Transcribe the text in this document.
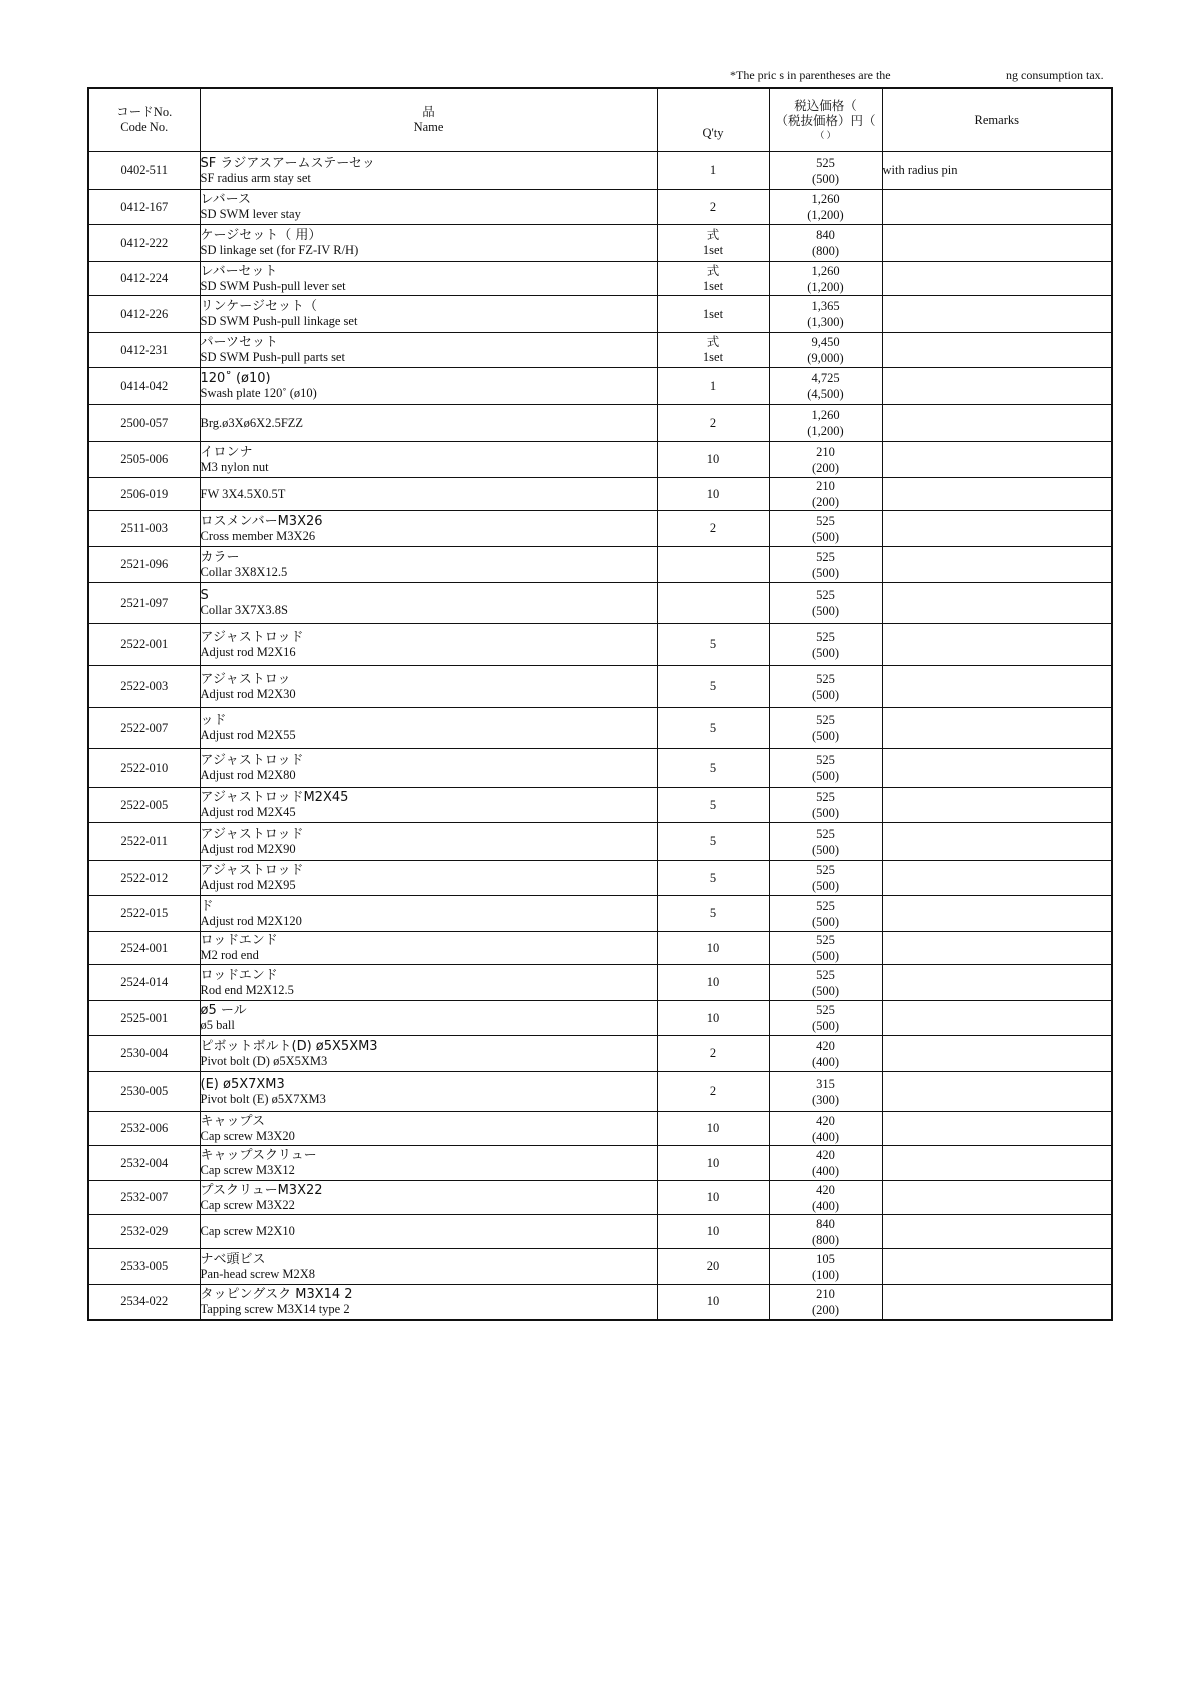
*The pric s in parentheses are the	ng consumption tax.
コードNo.
Code No.	品
Name	Q'ty	税込価格（
（税抜価格）円（
（ ）	Remarks
0402-511	SF ラジアスアームステーセッ
SF radius arm stay set	1	525
(500)	with radius pin

0412-167	レバース
SD SWM lever stay	2	1,260
(1,200)	

0412-222	ケージセット（ 用）
SD linkage set (for FZ-IV R/H)	式
1set	840
(800)	

0412-224	レバーセット
SD SWM Push-pull lever set	式
1set	1,260
(1,200)	

0412-226	リンケージセット（
SD SWM Push-pull linkage set	1set	1,365
(1,300)	

0412-231	パーツセット
SD SWM Push-pull parts set	式
1set	9,450
(9,000)	

0414-042	120˚ (ø10)
Swash plate 120˚ (ø10)	1	4,725
(4,500)	

2500-057	Brg.ø3Xø6X2.5FZZ	2	1,260
(1,200)	

2505-006	イロンナ
M3 nylon nut	10	210
(200)	

2506-019	FW 3X4.5X0.5T	10	210
(200)	

2511-003	ロスメンバーM3X26
Cross member M3X26	2	525
(500)	

2521-096	カラー
Collar 3X8X12.5		525
(500)	

2521-097	S
Collar 3X7X3.8S		525
(500)	

2522-001	アジャストロッド
Adjust rod M2X16	5	525
(500)	

2522-003	アジャストロッ
Adjust rod M2X30	5	525
(500)	

2522-007	ッド
Adjust rod M2X55	5	525
(500)	

2522-010	アジャストロッド
Adjust rod M2X80	5	525
(500)	

2522-005	アジャストロッドM2X45
Adjust rod M2X45	5	525
(500)	

2522-011	アジャストロッド
Adjust rod M2X90	5	525
(500)	

2522-012	アジャストロッド
Adjust rod M2X95	5	525
(500)	

2522-015	ド
Adjust rod M2X120	5	525
(500)	

2524-001	ロッドエンド
M2 rod end	10	525
(500)	

2524-014	ロッドエンド
Rod end M2X12.5	10	525
(500)	

2525-001	ø5 ール
ø5 ball	10	525
(500)	

2530-004	ピボットボルト(D) ø5X5XM3
Pivot bolt (D) ø5X5XM3	2	420
(400)	

2530-005	(E) ø5X7XM3
Pivot bolt (E) ø5X7XM3	2	315
(300)	

2532-006	キャップス
Cap screw M3X20	10	420
(400)	

2532-004	キャップスクリュー
Cap screw M3X12	10	420
(400)	

2532-007	プスクリューM3X22
Cap screw M3X22	10	420
(400)	

2532-029	Cap screw M2X10	10	840
(800)	

2533-005	ナベ頭ビス
Pan-head screw M2X8	20	105
(100)	

2534-022	タッピングスク M3X14 2
Tapping screw M3X14 type 2	10	210
(200)	
